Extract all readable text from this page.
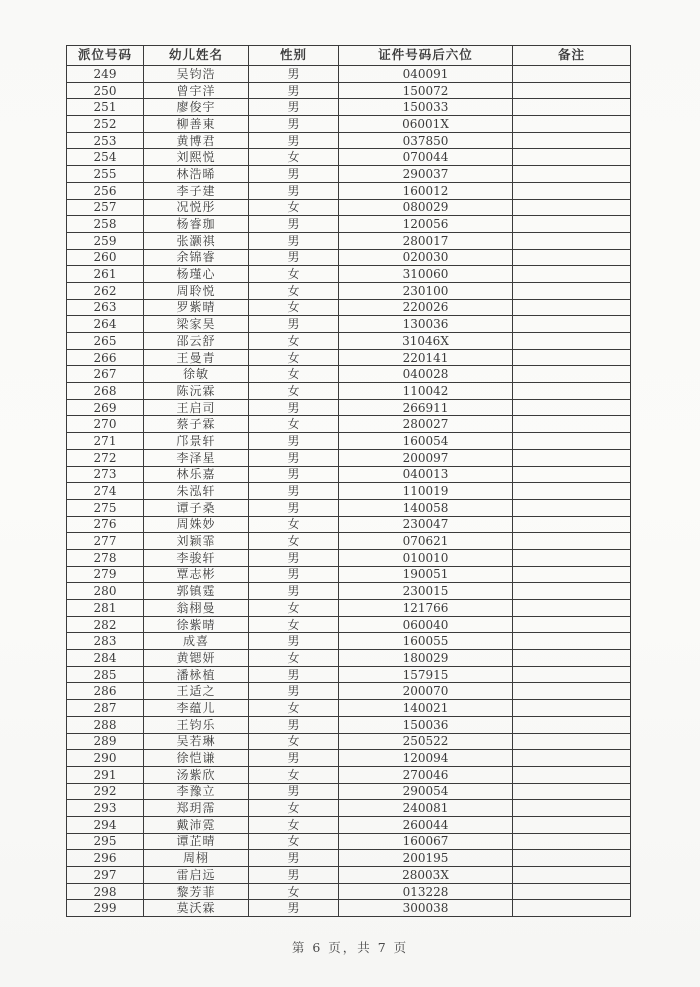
派位号码	幼儿姓名	性别	证件号码后六位	备注
249	吴钧浩	男	040091	
250	曾宇洋	男	150072	
251	廖俊宇	男	150033	
252	柳善東	男	06001X	
253	黄博君	男	037850	
254	刘熙悦	女	070044	
255	林浩晞	男	290037	
256	李子建	男	160012	
257	况悦彤	女	080029	
258	杨睿珈	男	120056	
259	张灏祺	男	280017	
260	余锦睿	男	020030	
261	杨瑾心	女	310060	
262	周聆悦	女	230100	
263	罗紫晴	女	220026	
264	梁家昊	男	130036	
265	邵云舒	女	31046X	
266	王曼青	女	220141	
267	徐敏	女	040028	
268	陈沅霖	女	110042	
269	王启司	男	266911	
270	蔡子霖	女	280027	
271	邝景轩	男	160054	
272	李泽星	男	200097	
273	林乐嘉	男	040013	
274	朱泓轩	男	110019	
275	谭子桑	男	140058	
276	周姝妙	女	230047	
277	刘颖霏	女	070621	
278	李骏轩	男	010010	
279	覃志彬	男	190051	
280	郭镇霆	男	230015	
281	翁栩曼	女	121766	
282	徐紫晴	女	060040	
283	成喜	男	160055	
284	黄锶妍	女	180029	
285	潘栐植	男	157915	
286	王适之	男	200070	
287	李蕴儿	女	140021	
288	王钧乐	男	150036	
289	吴若琳	女	250522	
290	徐恺谦	男	120094	
291	汤紫欣	女	270046	
292	李豫立	男	290054	
293	郑玥霈	女	240081	
294	戴沛霓	女	260044	
295	谭芷晴	女	160067	
296	周栩	男	200195	
297	雷启远	男	28003X	
298	黎芳菲	女	013228	
299	莫沃霖	男	300038	
第 6 页，共 7 页
